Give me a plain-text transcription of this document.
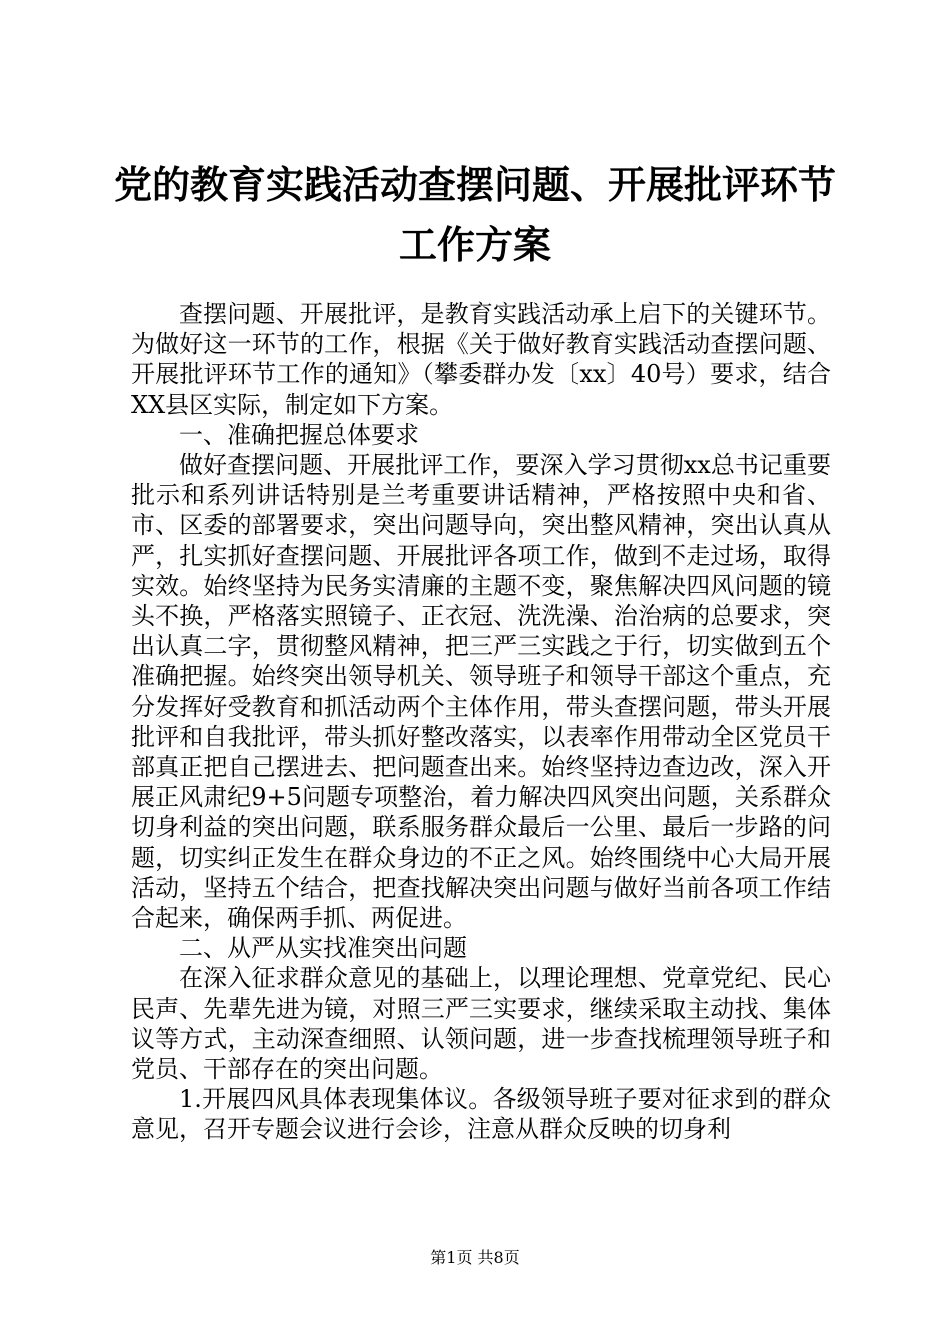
党的教育实践活动查摆问题、开展批评环节工作方案

查摆问题、开展批评，是教育实践活动承上启下的关键环节。为做好这一环节的工作，根据《关于做好教育实践活动查摆问题、开展批评环节工作的通知》（攀委群办发〔xx〕40号）要求，结合XX县区实际，制定如下方案。

一、准确把握总体要求

做好查摆问题、开展批评工作，要深入学习贯彻xx总书记重要批示和系列讲话特别是兰考重要讲话精神，严格按照中央和省、市、区委的部署要求，突出问题导向，突出整风精神，突出认真从严，扎实抓好查摆问题、开展批评各项工作，做到不走过场，取得实效。始终坚持为民务实清廉的主题不变，聚焦解决四风问题的镜头不换，严格落实照镜子、正衣冠、洗洗澡、治治病的总要求，突出认真二字，贯彻整风精神，把三严三实践之于行，切实做到五个准确把握。始终突出领导机关、领导班子和领导干部这个重点，充分发挥好受教育和抓活动两个主体作用，带头查摆问题，带头开展批评和自我批评，带头抓好整改落实，以表率作用带动全区党员干部真正把自己摆进去、把问题查出来。始终坚持边查边改，深入开展正风肃纪9+5问题专项整治，着力解决四风突出问题，关系群众切身利益的突出问题，联系服务群众最后一公里、最后一步路的问题，切实纠正发生在群众身边的不正之风。始终围绕中心大局开展活动，坚持五个结合，把查找解决突出问题与做好当前各项工作结合起来，确保两手抓、两促进。

二、从严从实找准突出问题

在深入征求群众意见的基础上，以理论理想、党章党纪、民心民声、先辈先进为镜，对照三严三实要求，继续采取主动找、集体议等方式，主动深查细照、认领问题，进一步查找梳理领导班子和党员、干部存在的突出问题。

1.开展四风具体表现集体议。各级领导班子要对征求到的群众意见，召开专题会议进行会诊，注意从群众反映的切身利

第1页 共8页
